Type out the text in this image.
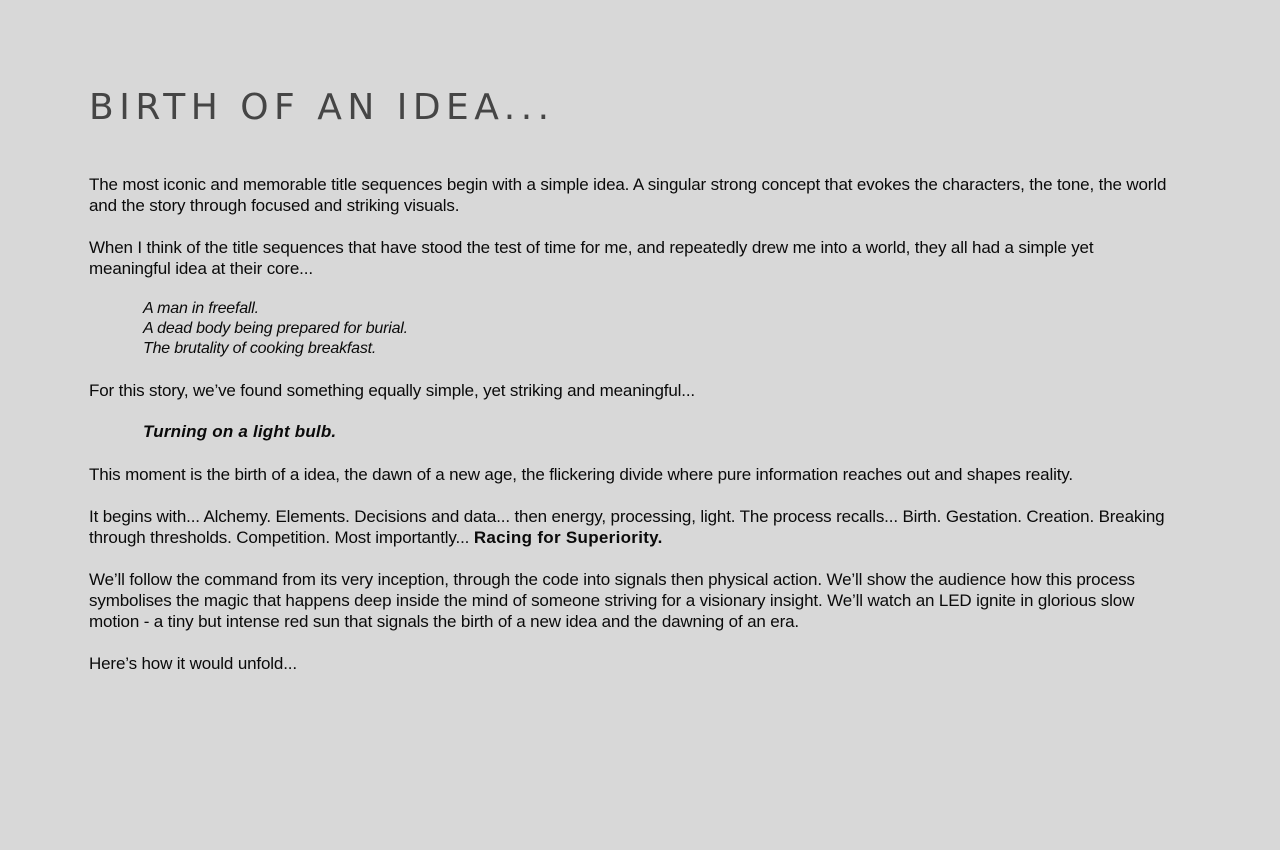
BIRTH OF AN IDEA...

The most iconic and memorable title sequences begin with a simple idea. A singular strong concept that evokes the characters, the tone, the world and the story through focused and striking visuals.

When I think of the title sequences that have stood the test of time for me, and repeatedly drew me into a world, they all had a simple yet meaningful idea at their core...

A man in freefall.
A dead body being prepared for burial.
The brutality of cooking breakfast.

For this story, we’ve found something equally simple, yet striking and meaningful...

Turning on a light bulb.

This moment is the birth of a idea, the dawn of a new age, the flickering divide where pure information reaches out and shapes reality.

It begins with... Alchemy. Elements. Decisions and data... then energy, processing, light. The process recalls... Birth. Gestation. Creation. Breaking through thresholds. Competition. Most importantly... Racing for Superiority.

We’ll follow the command from its very inception, through the code into signals then physical action. We’ll show the audience how this process symbolises the magic that happens deep inside the mind of someone striving for a visionary insight. We’ll watch an LED ignite in glorious slow motion - a tiny but intense red sun that signals the birth of a new idea and the dawning of an era.

Here’s how it would unfold...
